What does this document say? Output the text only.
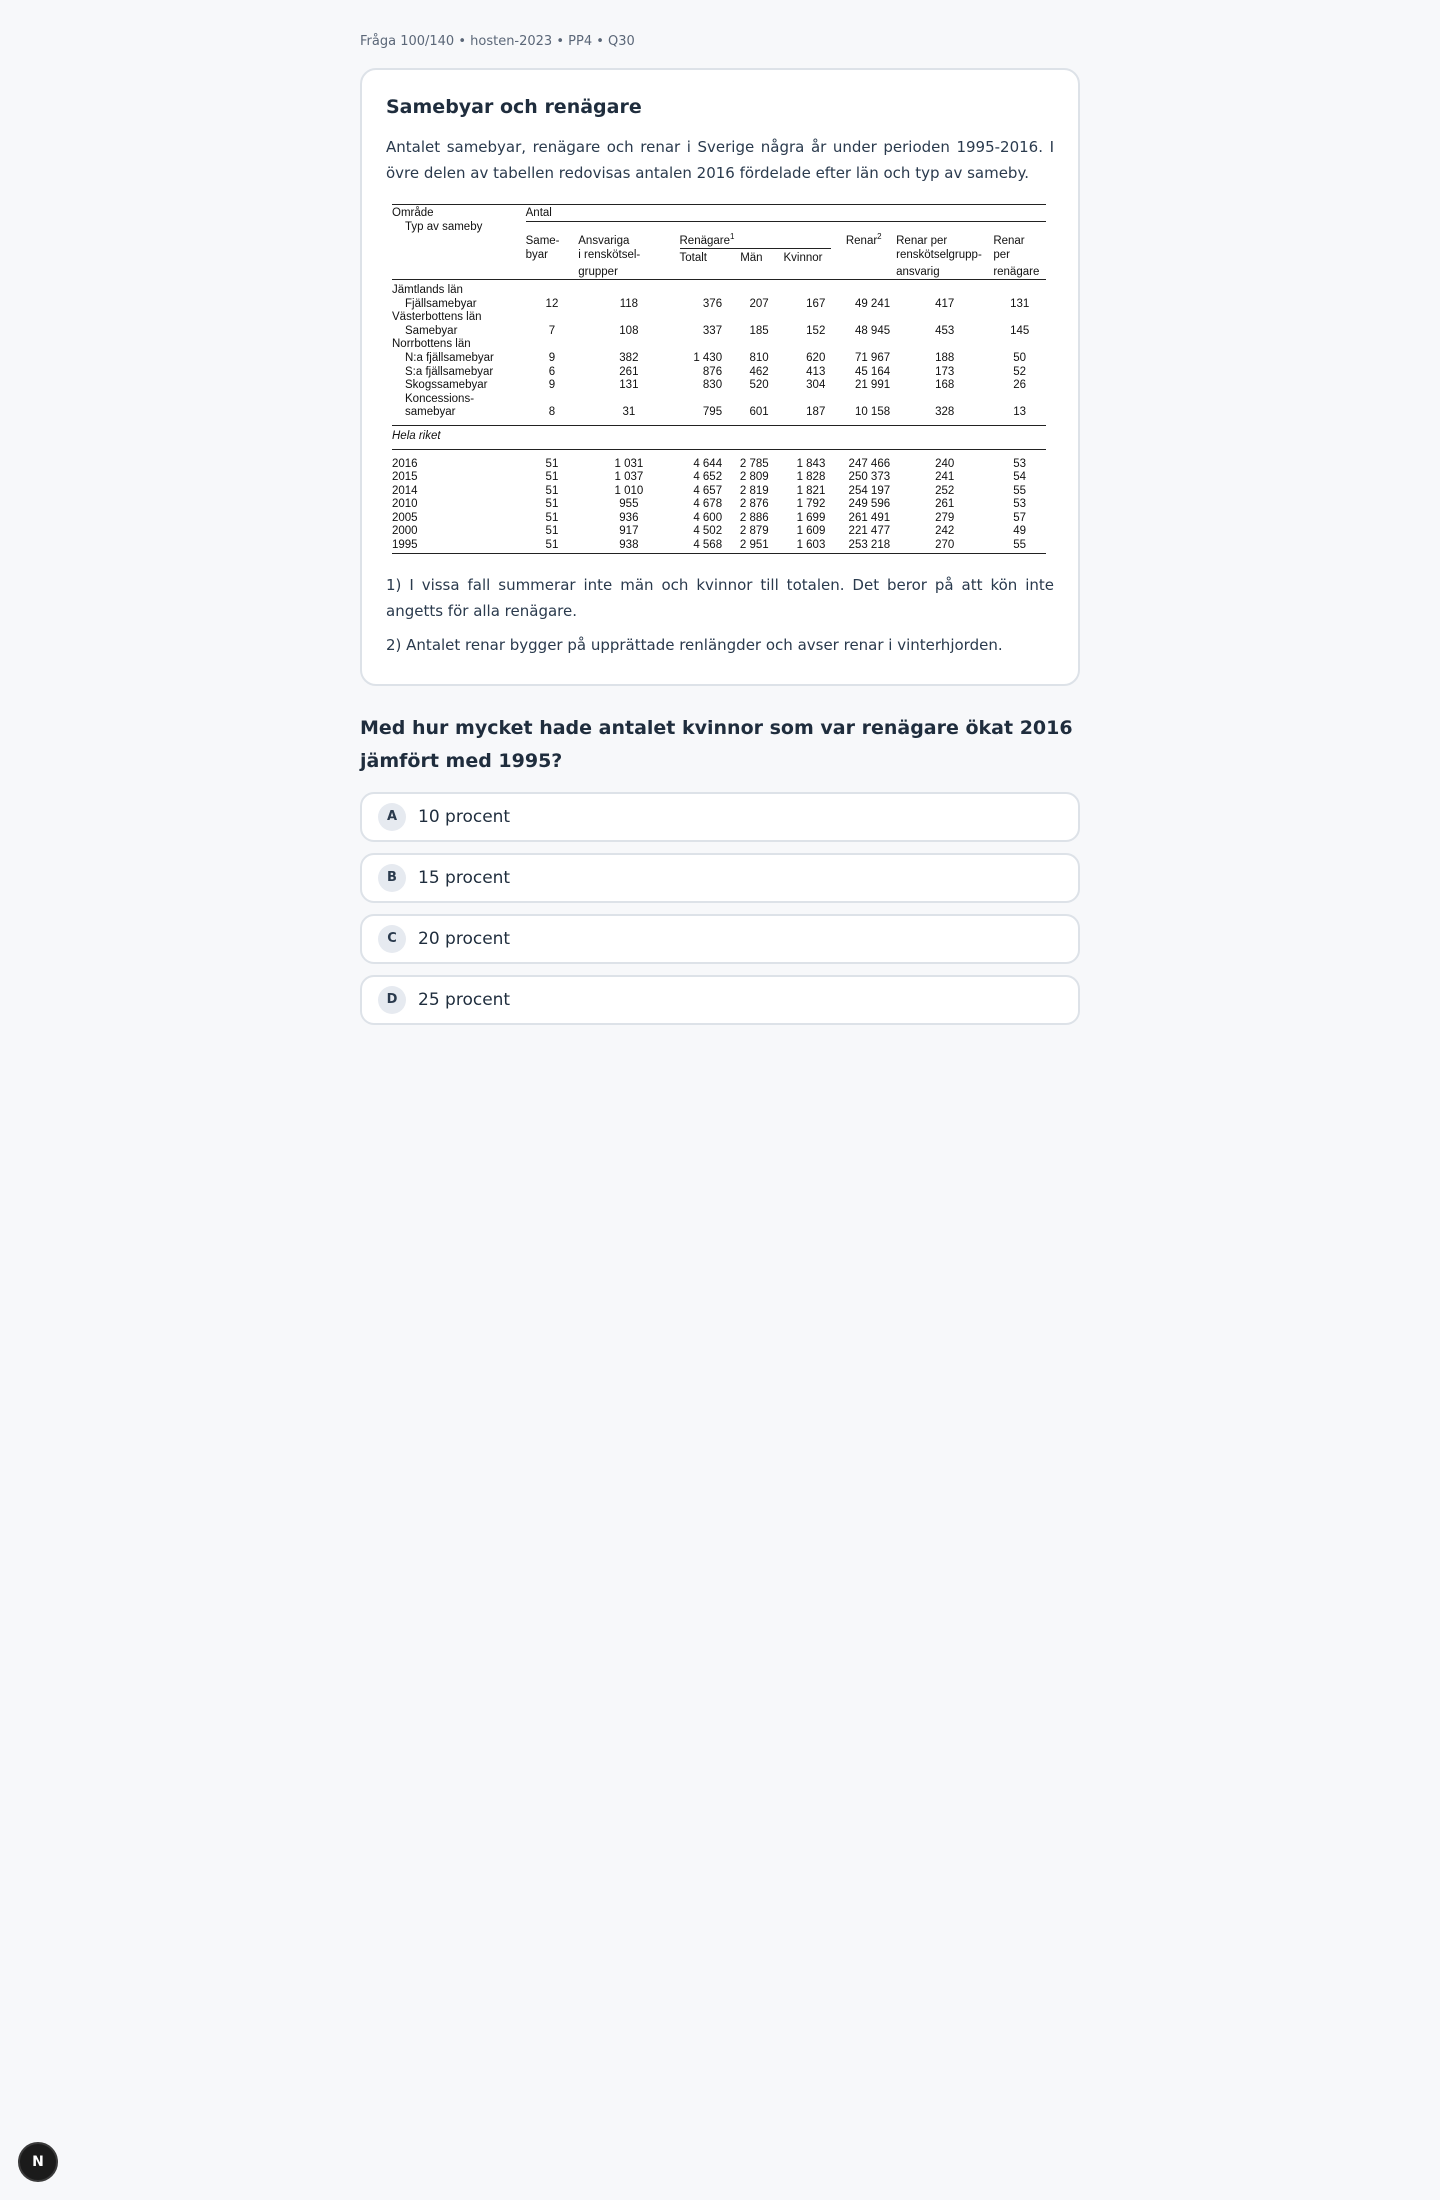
Fråga 100/140 • hosten-2023 • PP4 • Q30
Samebyar och renägare

Antalet samebyar, renägare och renar i Sverige några år under perioden 1995-2016. I övre delen av tabellen redovisas antalen 2016 fördelade efter län och typ av sameby.

Område	Antal							
Typ av sameby								
	Same-	Ansvariga	Renägare$^1$			Renar$^2$	Renar per	Renar
	byar	i renskötsel-	Totalt	Män	Kvinnor		renskötselgrupp-	per
		grupper					ansvarig	renägare

Jämtlands län								
Fjällsamebyar	12	118	376	207	167	49 241	417	131
Västerbottens län								
Samebyar	7	108	337	185	152	48 945	453	145
Norrbottens län								
N:a fjällsamebyar	9	382	1 430	810	620	71 967	188	50
S:a fjällsamebyar	6	261	876	462	413	45 164	173	52
Skogssamebyar	9	131	830	520	304	21 991	168	26
Koncessions-								
samebyar	8	31	795	601	187	10 158	328	13

Hela riket								

2016	51	1 031	4 644	2 785	1 843	247 466	240	53
2015	51	1 037	4 652	2 809	1 828	250 373	241	54
2014	51	1 010	4 657	2 819	1 821	254 197	252	55
2010	51	955	4 678	2 876	1 792	249 596	261	53
2005	51	936	4 600	2 886	1 699	261 491	279	57
2000	51	917	4 502	2 879	1 609	221 477	242	49
1995	51	938	4 568	2 951	1 603	253 218	270	55

1) I vissa fall summerar inte män och kvinnor till totalen. Det beror på att kön inte angetts för alla renägare.

2) Antalet renar bygger på upprättade renlängder och avser renar i vinterhjorden.

Med hur mycket hade antalet kvinnor som var renägare ökat 2016 jämfört med 1995?
A	10 procent
B	15 procent
C	20 procent
D	25 procent
N
